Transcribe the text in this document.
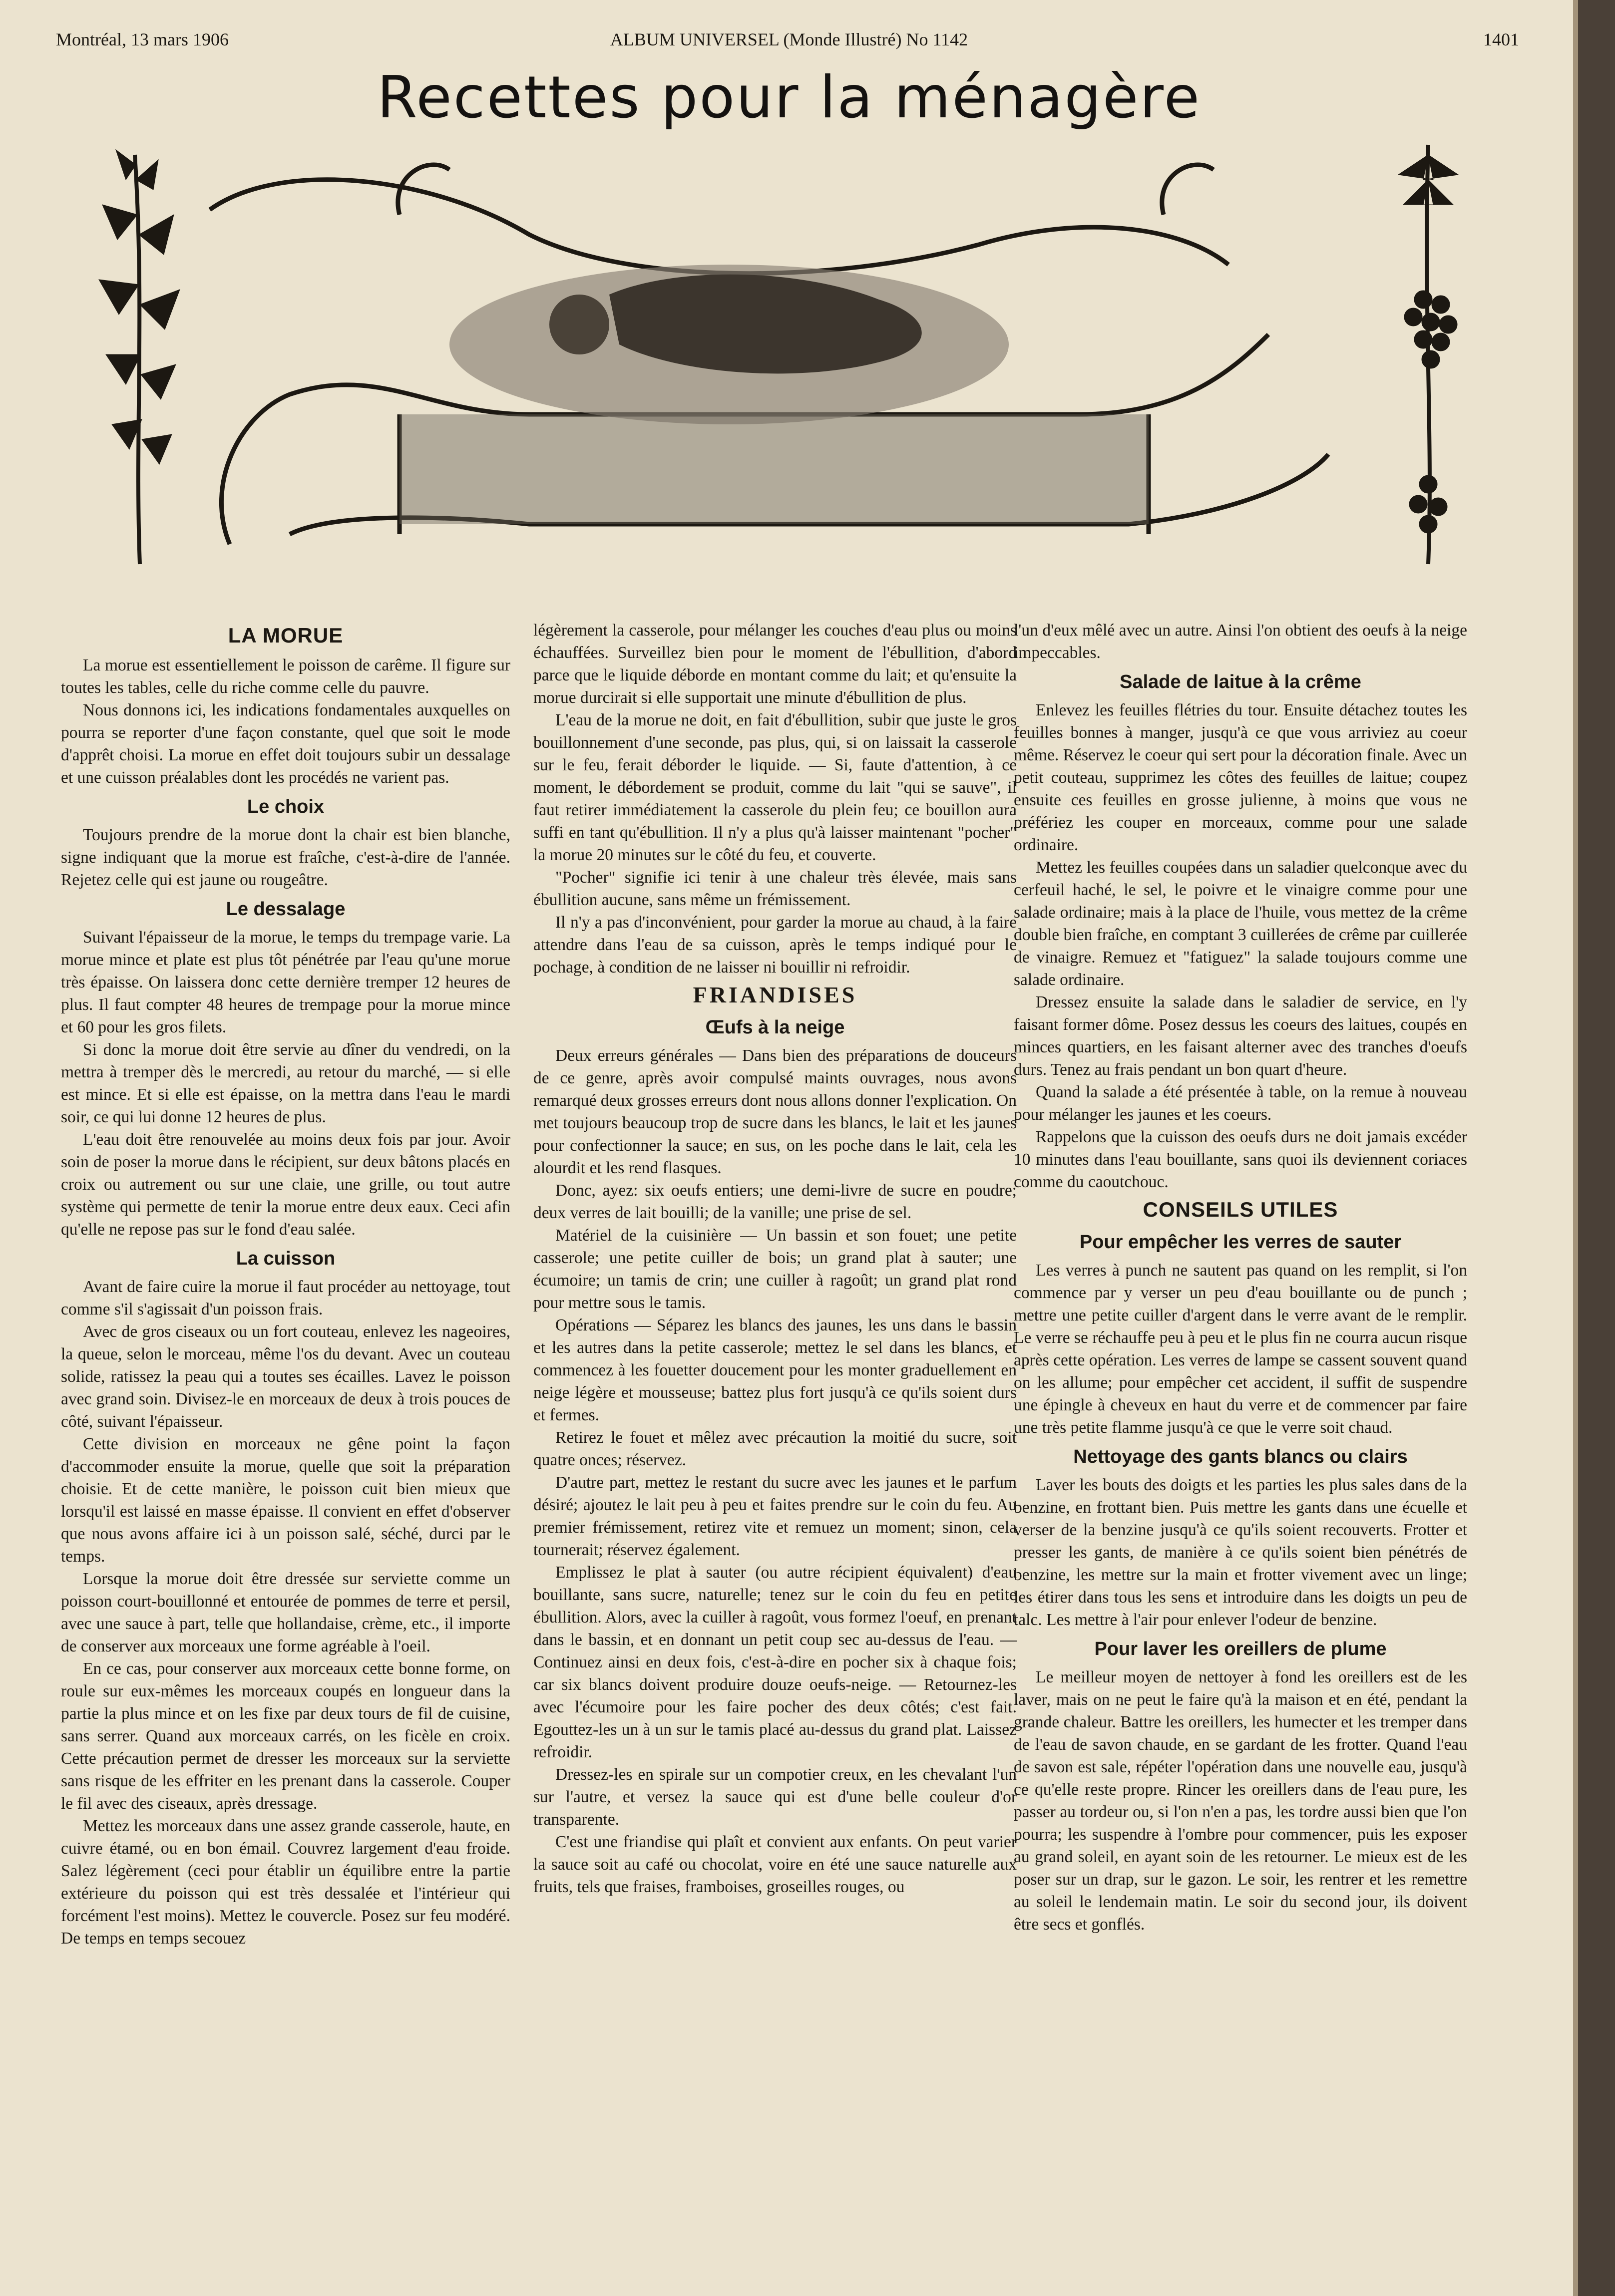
Montréal, 13 mars 1906	ALBUM UNIVERSEL (Monde Illustré) No 1142	1401
Recettes pour la ménagère
LA MORUE

La morue est essentiellement le poisson de carême. Il figure sur toutes les tables, celle du riche comme celle du pauvre.

Nous donnons ici, les indications fondamentales auxquelles on pourra se reporter d'une façon constante, quel que soit le mode d'apprêt choisi. La morue en effet doit toujours subir un dessalage et une cuisson préalables dont les procédés ne varient pas.

Le choix

Toujours prendre de la morue dont la chair est bien blanche, signe indiquant que la morue est fraîche, c'est-à-dire de l'année. Rejetez celle qui est jaune ou rougeâtre.

Le dessalage

Suivant l'épaisseur de la morue, le temps du trempage varie. La morue mince et plate est plus tôt pénétrée par l'eau qu'une morue très épaisse. On laissera donc cette dernière tremper 12 heures de plus. Il faut compter 48 heures de trempage pour la morue mince et 60 pour les gros filets.

Si donc la morue doit être servie au dîner du vendredi, on la mettra à tremper dès le mercredi, au retour du marché, — si elle est mince. Et si elle est épaisse, on la mettra dans l'eau le mardi soir, ce qui lui donne 12 heures de plus.

L'eau doit être renouvelée au moins deux fois par jour. Avoir soin de poser la morue dans le récipient, sur deux bâtons placés en croix ou autrement ou sur une claie, une grille, ou tout autre système qui permette de tenir la morue entre deux eaux. Ceci afin qu'elle ne repose pas sur le fond d'eau salée.

La cuisson

Avant de faire cuire la morue il faut procéder au nettoyage, tout comme s'il s'agissait d'un poisson frais.

Avec de gros ciseaux ou un fort couteau, enlevez les nageoires, la queue, selon le morceau, même l'os du devant. Avec un couteau solide, ratissez la peau qui a toutes ses écailles. Lavez le poisson avec grand soin. Divisez-le en morceaux de deux à trois pouces de côté, suivant l'épaisseur.

Cette division en morceaux ne gêne point la façon d'accommoder ensuite la morue, quelle que soit la préparation choisie. Et de cette manière, le poisson cuit bien mieux que lorsqu'il est laissé en masse épaisse. Il convient en effet d'observer que nous avons affaire ici à un poisson salé, séché, durci par le temps.

Lorsque la morue doit être dressée sur serviette comme un poisson court-bouillonné et entourée de pommes de terre et persil, avec une sauce à part, telle que hollandaise, crème, etc., il importe de conserver aux morceaux une forme agréable à l'oeil.

En ce cas, pour conserver aux morceaux cette bonne forme, on roule sur eux-mêmes les morceaux coupés en longueur dans la partie la plus mince et on les fixe par deux tours de fil de cuisine, sans serrer. Quand aux morceaux carrés, on les ficèle en croix. Cette précaution permet de dresser les morceaux sur la serviette sans risque de les effriter en les prenant dans la casserole. Couper le fil avec des ciseaux, après dressage.

Mettez les morceaux dans une assez grande casserole, haute, en cuivre étamé, ou en bon émail. Couvrez largement d'eau froide. Salez légèrement (ceci pour établir un équilibre entre la partie extérieure du poisson qui est très dessalée et l'intérieur qui forcément l'est moins). Mettez le couvercle. Posez sur feu modéré. De temps en temps secouez

légèrement la casserole, pour mélanger les couches d'eau plus ou moins échauffées. Surveillez bien pour le moment de l'ébullition, d'abord parce que le liquide déborde en montant comme du lait; et qu'ensuite la morue durcirait si elle supportait une minute d'ébullition de plus.

L'eau de la morue ne doit, en fait d'ébullition, subir que juste le gros bouillonnement d'une seconde, pas plus, qui, si on laissait la casserole sur le feu, ferait déborder le liquide. — Si, faute d'attention, à ce moment, le débordement se produit, comme du lait "qui se sauve", il faut retirer immédiatement la casserole du plein feu; ce bouillon aura suffi en tant qu'ébullition. Il n'y a plus qu'à laisser maintenant "pocher" la morue 20 minutes sur le côté du feu, et couverte.

"Pocher" signifie ici tenir à une chaleur très élevée, mais sans ébullition aucune, sans même un frémissement.

Il n'y a pas d'inconvénient, pour garder la morue au chaud, à la faire attendre dans l'eau de sa cuisson, après le temps indiqué pour le pochage, à condition de ne laisser ni bouillir ni refroidir.

FRIANDISES
Œufs à la neige

Deux erreurs générales — Dans bien des préparations de douceurs de ce genre, après avoir compulsé maints ouvrages, nous avons remarqué deux grosses erreurs dont nous allons donner l'explication. On met toujours beaucoup trop de sucre dans les blancs, le lait et les jaunes pour confectionner la sauce; en sus, on les poche dans le lait, cela les alourdit et les rend flasques.

Donc, ayez: six oeufs entiers; une demi-livre de sucre en poudre; deux verres de lait bouilli; de la vanille; une prise de sel.

Matériel de la cuisinière — Un bassin et son fouet; une petite casserole; une petite cuiller de bois; un grand plat à sauter; une écumoire; un tamis de crin; une cuiller à ragoût; un grand plat rond pour mettre sous le tamis.

Opérations — Séparez les blancs des jaunes, les uns dans le bassin et les autres dans la petite casserole; mettez le sel dans les blancs, et commencez à les fouetter doucement pour les monter graduellement en neige légère et mousseuse; battez plus fort jusqu'à ce qu'ils soient durs et fermes.

Retirez le fouet et mêlez avec précaution la moitié du sucre, soit quatre onces; réservez.

D'autre part, mettez le restant du sucre avec les jaunes et le parfum désiré; ajoutez le lait peu à peu et faites prendre sur le coin du feu. Au premier frémissement, retirez vite et remuez un moment; sinon, cela tournerait; réservez également.

Emplissez le plat à sauter (ou autre récipient équivalent) d'eau bouillante, sans sucre, naturelle; tenez sur le coin du feu en petite ébullition. Alors, avec la cuiller à ragoût, vous formez l'oeuf, en prenant dans le bassin, et en donnant un petit coup sec au-dessus de l'eau. — Continuez ainsi en deux fois, c'est-à-dire en pocher six à chaque fois; car six blancs doivent produire douze oeufs-neige. — Retournez-les avec l'écumoire pour les faire pocher des deux côtés; c'est fait. Egouttez-les un à un sur le tamis placé au-dessus du grand plat. Laissez refroidir.

Dressez-les en spirale sur un compotier creux, en les chevalant l'un sur l'autre, et versez la sauce qui est d'une belle couleur d'or transparente.

C'est une friandise qui plaît et convient aux enfants. On peut varier la sauce soit au café ou chocolat, voire en été une sauce naturelle aux fruits, tels que fraises, framboises, groseilles rouges, ou

l'un d'eux mêlé avec un autre. Ainsi l'on obtient des oeufs à la neige impeccables.

Salade de laitue à la crême

Enlevez les feuilles flétries du tour. Ensuite détachez toutes les feuilles bonnes à manger, jusqu'à ce que vous arriviez au coeur même. Réservez le coeur qui sert pour la décoration finale. Avec un petit couteau, supprimez les côtes des feuilles de laitue; coupez ensuite ces feuilles en grosse julienne, à moins que vous ne préfériez les couper en morceaux, comme pour une salade ordinaire.

Mettez les feuilles coupées dans un saladier quelconque avec du cerfeuil haché, le sel, le poivre et le vinaigre comme pour une salade ordinaire; mais à la place de l'huile, vous mettez de la crême double bien fraîche, en comptant 3 cuillerées de crême par cuillerée de vinaigre. Remuez et "fatiguez" la salade toujours comme une salade ordinaire.

Dressez ensuite la salade dans le saladier de service, en l'y faisant former dôme. Posez dessus les coeurs des laitues, coupés en minces quartiers, en les faisant alterner avec des tranches d'oeufs durs. Tenez au frais pendant un bon quart d'heure.

Quand la salade a été présentée à table, on la remue à nouveau pour mélanger les jaunes et les coeurs.

Rappelons que la cuisson des oeufs durs ne doit jamais excéder 10 minutes dans l'eau bouillante, sans quoi ils deviennent coriaces comme du caoutchouc.

CONSEILS UTILES
Pour empêcher les verres de sauter

Les verres à punch ne sautent pas quand on les remplit, si l'on commence par y verser un peu d'eau bouillante ou de punch ; mettre une petite cuiller d'argent dans le verre avant de le remplir. Le verre se réchauffe peu à peu et le plus fin ne courra aucun risque après cette opération. Les verres de lampe se cassent souvent quand on les allume; pour empêcher cet accident, il suffit de suspendre une épingle à cheveux en haut du verre et de commencer par faire une très petite flamme jusqu'à ce que le verre soit chaud.

Nettoyage des gants blancs ou clairs

Laver les bouts des doigts et les parties les plus sales dans de la benzine, en frottant bien. Puis mettre les gants dans une écuelle et verser de la benzine jusqu'à ce qu'ils soient recouverts. Frotter et presser les gants, de manière à ce qu'ils soient bien pénétrés de benzine, les mettre sur la main et frotter vivement avec un linge; les étirer dans tous les sens et introduire dans les doigts un peu de talc. Les mettre à l'air pour enlever l'odeur de benzine.

Pour laver les oreillers de plume

Le meilleur moyen de nettoyer à fond les oreillers est de les laver, mais on ne peut le faire qu'à la maison et en été, pendant la grande chaleur. Battre les oreillers, les humecter et les tremper dans de l'eau de savon chaude, en se gardant de les frotter. Quand l'eau de savon est sale, répéter l'opération dans une nouvelle eau, jusqu'à ce qu'elle reste propre. Rincer les oreillers dans de l'eau pure, les passer au tordeur ou, si l'on n'en a pas, les tordre aussi bien que l'on pourra; les suspendre à l'ombre pour commencer, puis les exposer au grand soleil, en ayant soin de les retourner. Le mieux est de les poser sur un drap, sur le gazon. Le soir, les rentrer et les remettre au soleil le lendemain matin. Le soir du second jour, ils doivent être secs et gonflés.
